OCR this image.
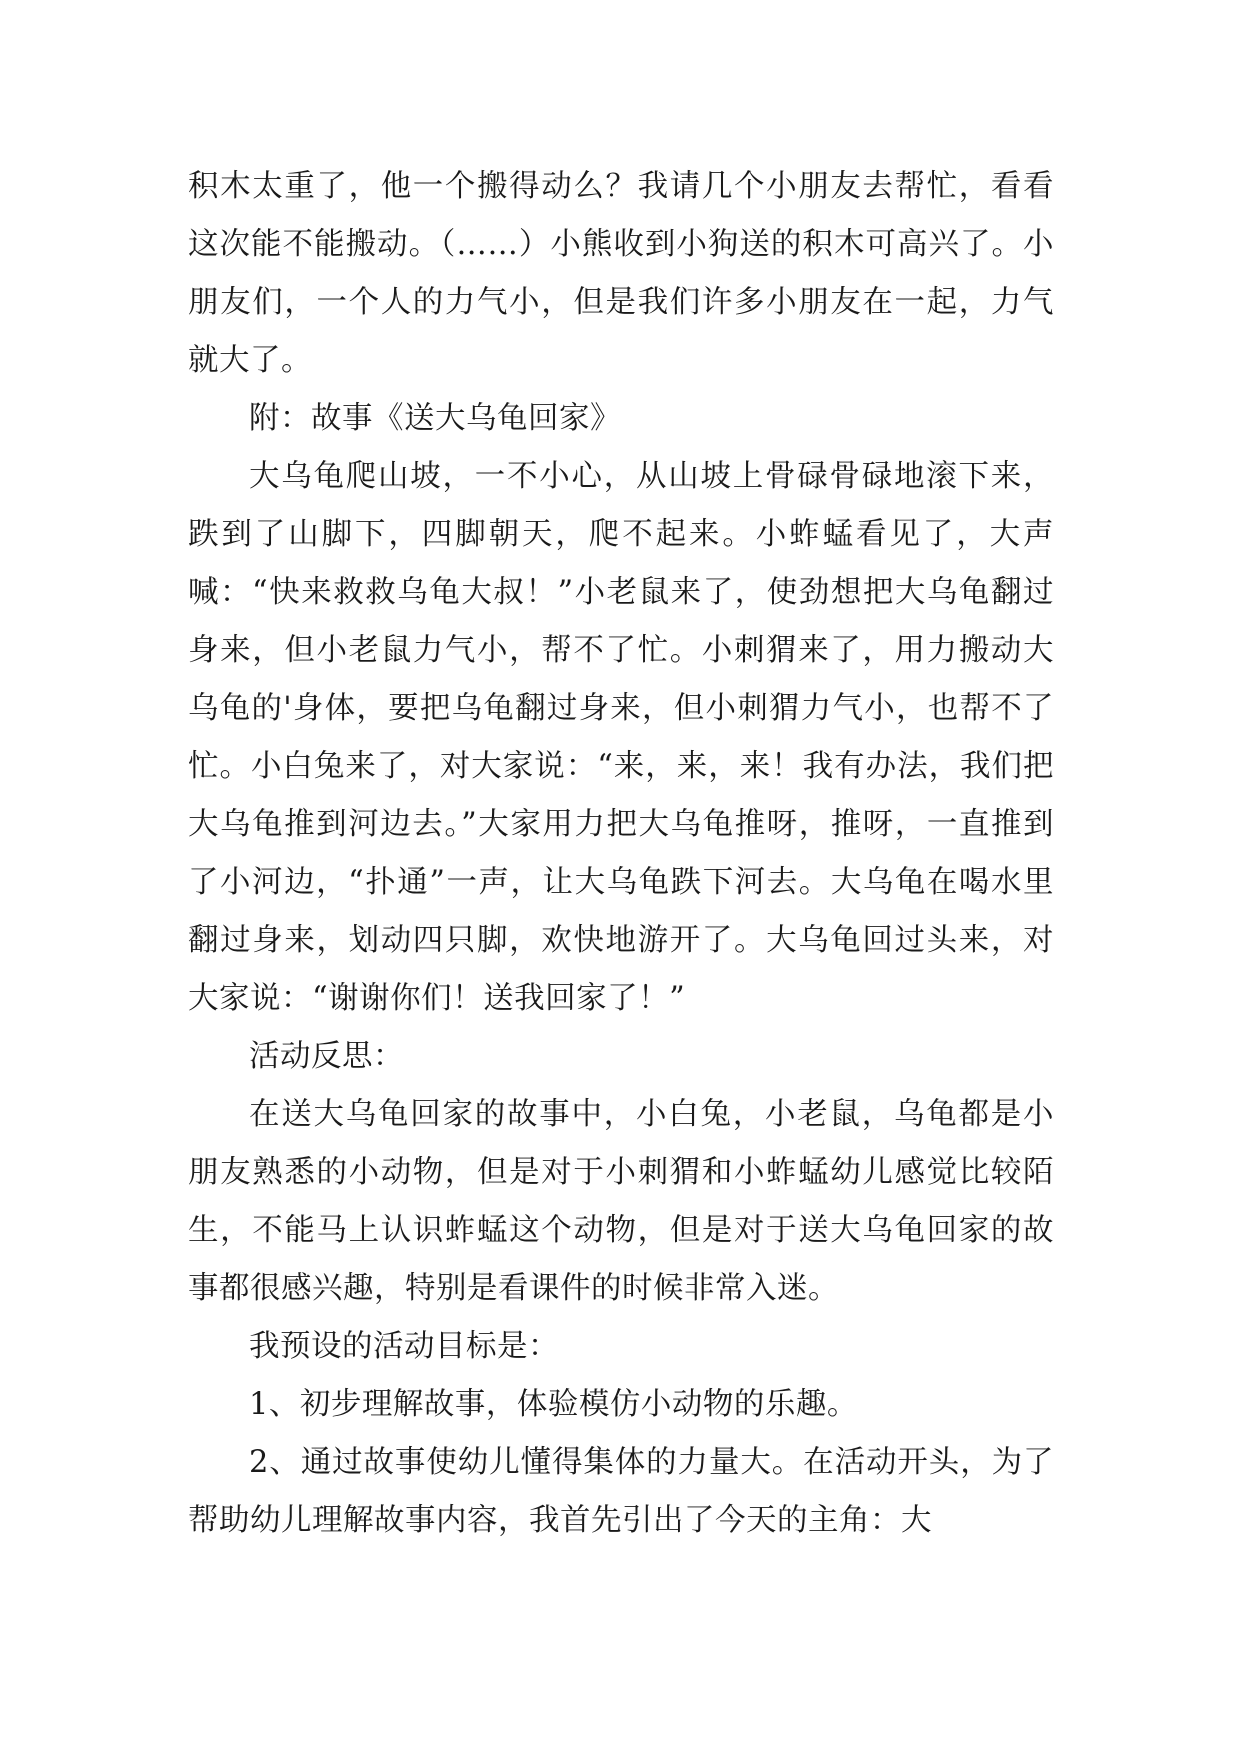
积木太重了，他一个搬得动么？我请几个小朋友去帮忙，看看这次能不能搬动。（……）小熊收到小狗送的积木可高兴了。小朋友们，一个人的力气小，但是我们许多小朋友在一起，力气就大了。

附：故事《送大乌龟回家》

大乌龟爬山坡，一不小心，从山坡上骨碌骨碌地滚下来，跌到了山脚下，四脚朝天，爬不起来。小蚱蜢看见了，大声喊：“快来救救乌龟大叔！”小老鼠来了，使劲想把大乌龟翻过身来，但小老鼠力气小，帮不了忙。小刺猬来了，用力搬动大乌龟的'身体，要把乌龟翻过身来，但小刺猬力气小，也帮不了忙。小白兔来了，对大家说：“来，来，来！我有办法，我们把大乌龟推到河边去。”大家用力把大乌龟推呀，推呀，一直推到了小河边，“扑通”一声，让大乌龟跌下河去。大乌龟在喝水里翻过身来，划动四只脚，欢快地游开了。大乌龟回过头来，对大家说：“谢谢你们！送我回家了！”

活动反思：

在送大乌龟回家的故事中，小白兔，小老鼠，乌龟都是小朋友熟悉的小动物，但是对于小刺猬和小蚱蜢幼儿感觉比较陌生，不能马上认识蚱蜢这个动物，但是对于送大乌龟回家的故事都很感兴趣，特别是看课件的时候非常入迷。

我预设的活动目标是：

1、初步理解故事，体验模仿小动物的乐趣。

2、通过故事使幼儿懂得集体的力量大。在活动开头，为了帮助幼儿理解故事内容，我首先引出了今天的主角：大
